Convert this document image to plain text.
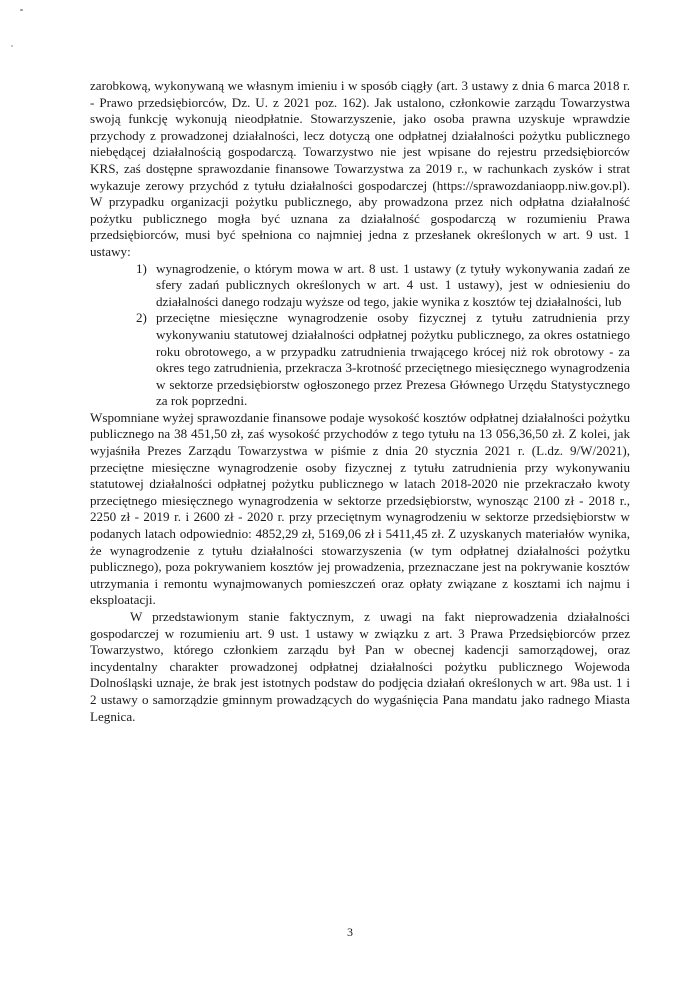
zarobkową, wykonywaną we własnym imieniu i w sposób ciągły (art. 3 ustawy z dnia 6 marca 2018 r. - Prawo przedsiębiorców, Dz. U. z 2021 poz. 162). Jak ustalono, członkowie zarządu Towarzystwa swoją funkcję wykonują nieodpłatnie. Stowarzyszenie, jako osoba prawna uzyskuje wprawdzie przychody z prowadzonej działalności, lecz dotyczą one odpłatnej działalności pożytku publicznego niebędącej działalnością gospodarczą. Towarzystwo nie jest wpisane do rejestru przedsiębiorców KRS, zaś dostępne sprawozdanie finansowe Towarzystwa za 2019 r., w rachunkach zysków i strat wykazuje zerowy przychód z tytułu działalności gospodarczej (https://sprawozdaniaopp.niw.gov.pl). W przypadku organizacji pożytku publicznego, aby prowadzona przez nich odpłatna działalność pożytku publicznego mogła być uznana za działalność gospodarczą w rozumieniu Prawa przedsiębiorców, musi być spełniona co najmniej jedna z przesłanek określonych w art. 9 ust. 1 ustawy:

1) wynagrodzenie, o którym mowa w art. 8 ust. 1 ustawy (z tytuły wykonywania zadań ze sfery zadań publicznych określonych w art. 4 ust. 1 ustawy), jest w odniesieniu do działalności danego rodzaju wyższe od tego, jakie wynika z kosztów tej działalności, lub
2) przeciętne miesięczne wynagrodzenie osoby fizycznej z tytułu zatrudnienia przy wykonywaniu statutowej działalności odpłatnej pożytku publicznego, za okres ostatniego roku obrotowego, a w przypadku zatrudnienia trwającego krócej niż rok obrotowy - za okres tego zatrudnienia, przekracza 3-krotność przeciętnego miesięcznego wynagrodzenia w sektorze przedsiębiorstw ogłoszonego przez Prezesa Głównego Urzędu Statystycznego za rok poprzedni.

Wspomniane wyżej sprawozdanie finansowe podaje wysokość kosztów odpłatnej działalności pożytku publicznego na 38 451,50 zł, zaś wysokość przychodów z tego tytułu na 13 056,36,50 zł. Z kolei, jak wyjaśniła Prezes Zarządu Towarzystwa w piśmie z dnia 20 stycznia 2021 r. (L.dz. 9/W/2021), przeciętne miesięczne wynagrodzenie osoby fizycznej z tytułu zatrudnienia przy wykonywaniu statutowej działalności odpłatnej pożytku publicznego w latach 2018-2020 nie przekraczało kwoty przeciętnego miesięcznego wynagrodzenia w sektorze przedsiębiorstw, wynosząc 2100 zł - 2018 r., 2250 zł - 2019 r. i 2600 zł - 2020 r. przy przeciętnym wynagrodzeniu w sektorze przedsiębiorstw w podanych latach odpowiednio: 4852,29 zł, 5169,06 zł i 5411,45 zł. Z uzyskanych materiałów wynika, że wynagrodzenie z tytułu działalności stowarzyszenia (w tym odpłatnej działalności pożytku publicznego), poza pokrywaniem kosztów jej prowadzenia, przeznaczane jest na pokrywanie kosztów utrzymania i remontu wynajmowanych pomieszczeń oraz opłaty związane z kosztami ich najmu i eksploatacji.

W przedstawionym stanie faktycznym, z uwagi na fakt nieprowadzenia działalności gospodarczej w rozumieniu art. 9 ust. 1 ustawy w związku z art. 3 Prawa Przedsiębiorców przez Towarzystwo, którego członkiem zarządu był Pan w obecnej kadencji samorządowej, oraz incydentalny charakter prowadzonej odpłatnej działalności pożytku publicznego Wojewoda Dolnośląski uznaje, że brak jest istotnych podstaw do podjęcia działań określonych w art. 98a ust. 1 i 2 ustawy o samorządzie gminnym prowadzących do wygaśnięcia Pana mandatu jako radnego Miasta Legnica.

3
